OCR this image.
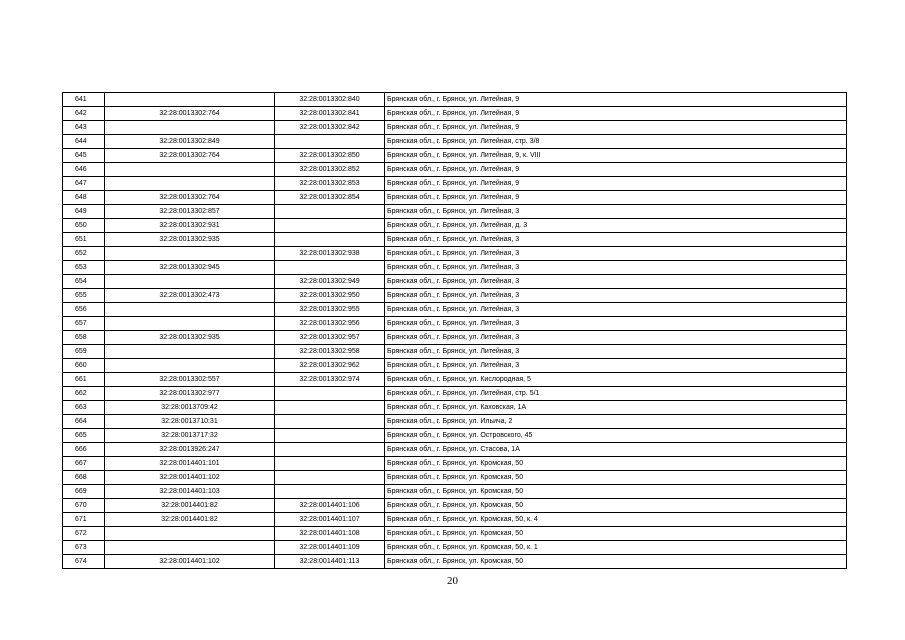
641		32:28:0013302:840	Брянская обл., г. Брянск, ул. Литейная, 9
642	32:28:0013302:764	32:28:0013302:841	Брянская обл., г. Брянск, ул. Литейная, 9
643		32:28:0013302:842	Брянская обл., г. Брянск, ул. Литейная, 9
644	32:28:0013302:849		Брянская обл., г. Брянск, ул. Литейная, стр. 3/8
645	32:28:0013302:764	32:28:0013302:850	Брянская обл., г. Брянск, ул. Литейная, 9, к. VIII
646		32:28:0013302:852	Брянская обл., г. Брянск, ул. Литейная, 9
647		32:28:0013302:853	Брянская обл., г. Брянск, ул. Литейная, 9
648	32:28:0013302:764	32:28:0013302:854	Брянская обл., г. Брянск, ул. Литейная, 9
649	32:28:0013302:857		Брянская обл., г. Брянск, ул. Литейная, 3
650	32:28:0013302:931		Брянская обл., г. Брянск, ул. Литейная, д. 3
651	32:28:0013302:935		Брянская обл., г. Брянск, ул. Литейная, 3
652		32:28:0013302:938	Брянская обл., г. Брянск, ул. Литейная, 3
653	32:28:0013302:945		Брянская обл., г. Брянск, ул. Литейная, 3
654		32:28:0013302:949	Брянская обл., г. Брянск, ул. Литейная, 3
655	32:28:0013302:473	32:28:0013302:950	Брянская обл., г. Брянск, ул. Литейная, 3
656		32:28:0013302:955	Брянская обл., г. Брянск, ул. Литейная, 3
657		32:28:0013302:956	Брянская обл., г. Брянск, ул. Литейная, 3
658	32:28:0013302:935	32:28:0013302:957	Брянская обл., г. Брянск, ул. Литейная, 3
659		32:28:0013302:958	Брянская обл., г. Брянск, ул. Литейная, 3
660		32:28:0013302:962	Брянская обл., г. Брянск, ул. Литейная, 3
661	32:28:0013302:557	32:28:0013302:974	Брянская обл., г. Брянск, ул. Кислородная, 5
662	32:28:0013302:977		Брянская обл., г. Брянск, ул. Литейная, стр. 5/1
663	32:28:0013709:42		Брянская обл., г. Брянск, ул. Каховская, 1А
664	32:28:0013710:31		Брянская обл., г. Брянск, ул. Ильича, 2
665	32:28:0013717:32		Брянская обл., г. Брянск, ул. Островского, 45
666	32:28:0013926:247		Брянская обл., г. Брянск, ул. Стасова, 1А
667	32:28:0014401:101		Брянская обл., г. Брянск, ул. Кромская, 50
668	32:28:0014401:102		Брянская обл., г. Брянск, ул. Кромская, 50
669	32:28:0014401:103		Брянская обл., г. Брянск, ул. Кромская, 50
670	32:28:0014401:82	32:28:0014401:106	Брянская обл., г. Брянск, ул. Кромская, 50
671	32:28:0014401:82	32:28:0014401:107	Брянская обл., г. Брянск, ул. Кромская, 50, к. 4
672		32:28:0014401:108	Брянская обл., г. Брянск, ул. Кромская, 50
673		32:28:0014401:109	Брянская обл., г. Брянск, ул. Кромская, 50, к. 1
674	32:28:0014401:102	32:28:0014401:113	Брянская обл., г. Брянск, ул. Кромская, 50
20
